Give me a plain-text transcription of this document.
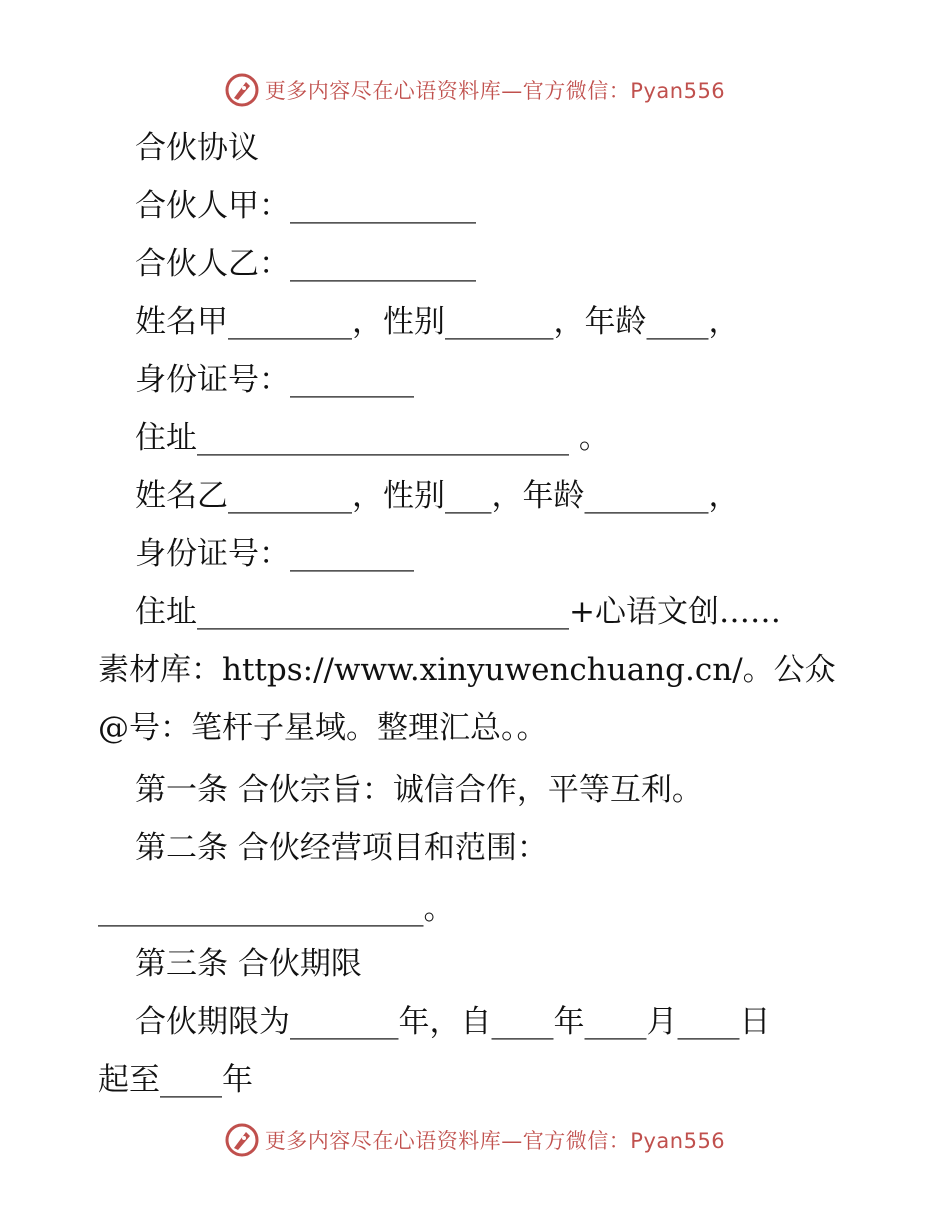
更多内容尽在心语资料库—官方微信：Pyan556
合伙协议
合伙人甲：____________
合伙人乙：____________
姓名甲________，性别_______，年龄____，
身份证号：________
住址________________________ 。
姓名乙________，性别___，年龄________，
身份证号：________
住址________________________+心语文创……
素材库：https://www.xinyuwenchuang.cn/。公众
@号：笔杆子星域。整理汇总。。
第一条 合伙宗旨：诚信合作，平等互利。
第二条 合伙经营项目和范围：
_____________________。
第三条 合伙期限
合伙期限为_______年，自____年____月____日
起至____年
更多内容尽在心语资料库—官方微信：Pyan556
